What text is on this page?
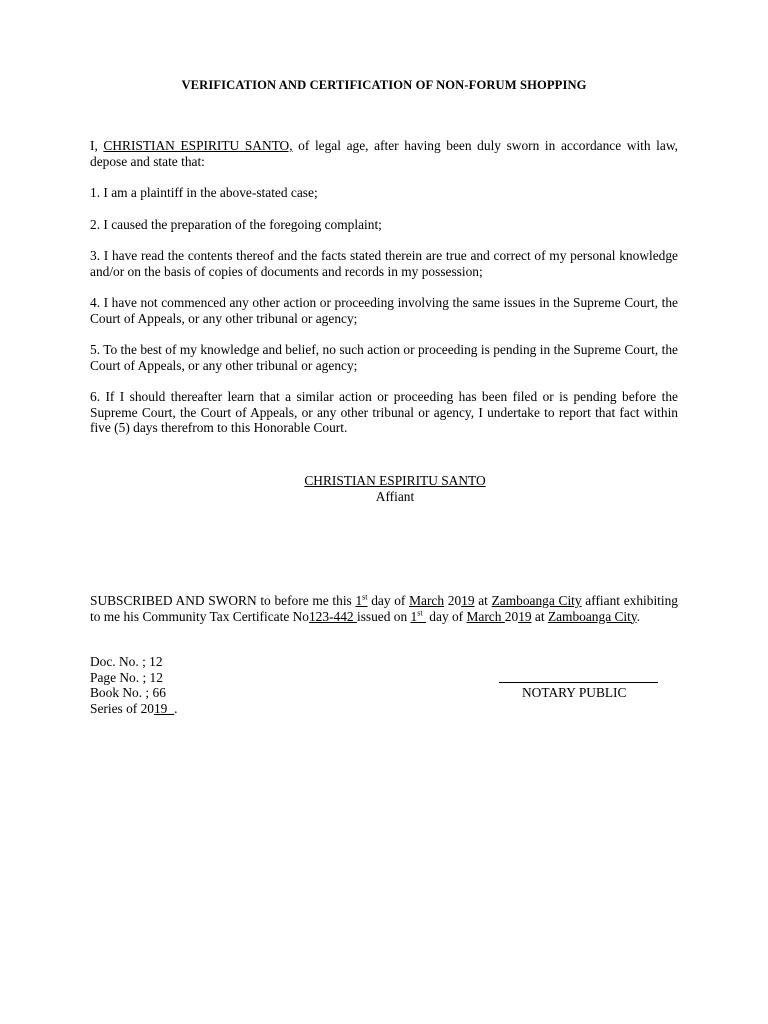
VERIFICATION AND CERTIFICATION OF NON-FORUM SHOPPING

I, CHRISTIAN ESPIRITU SANTO, of legal age, after having been duly sworn in accordance with law, depose and state that:

1. I am a plaintiff in the above-stated case;

2. I caused the preparation of the foregoing complaint;

3. I have read the contents thereof and the facts stated therein are true and correct of my personal knowledge and/or on the basis of copies of documents and records in my possession;

4. I have not commenced any other action or proceeding involving the same issues in the Supreme Court, the Court of Appeals, or any other tribunal or agency;

5. To the best of my knowledge and belief, no such action or proceeding is pending in the Supreme Court, the Court of Appeals, or any other tribunal or agency;

6. If I should thereafter learn that a similar action or proceeding has been filed or is pending before the Supreme Court, the Court of Appeals, or any other tribunal or agency, I undertake to report that fact within five (5) days therefrom to this Honorable Court.

CHRISTIAN ESPIRITU SANTO
Affiant
SUBSCRIBED AND SWORN to before me this 1st day of March 2019 at Zamboanga City affiant exhibiting to me his Community Tax Certificate No123-442 issued on 1st  day of March 2019 at Zamboanga City.
Doc. No. ; 12
Page No. ; 12
Book No. ; 66
Series of 2019_.
NOTARY PUBLIC
